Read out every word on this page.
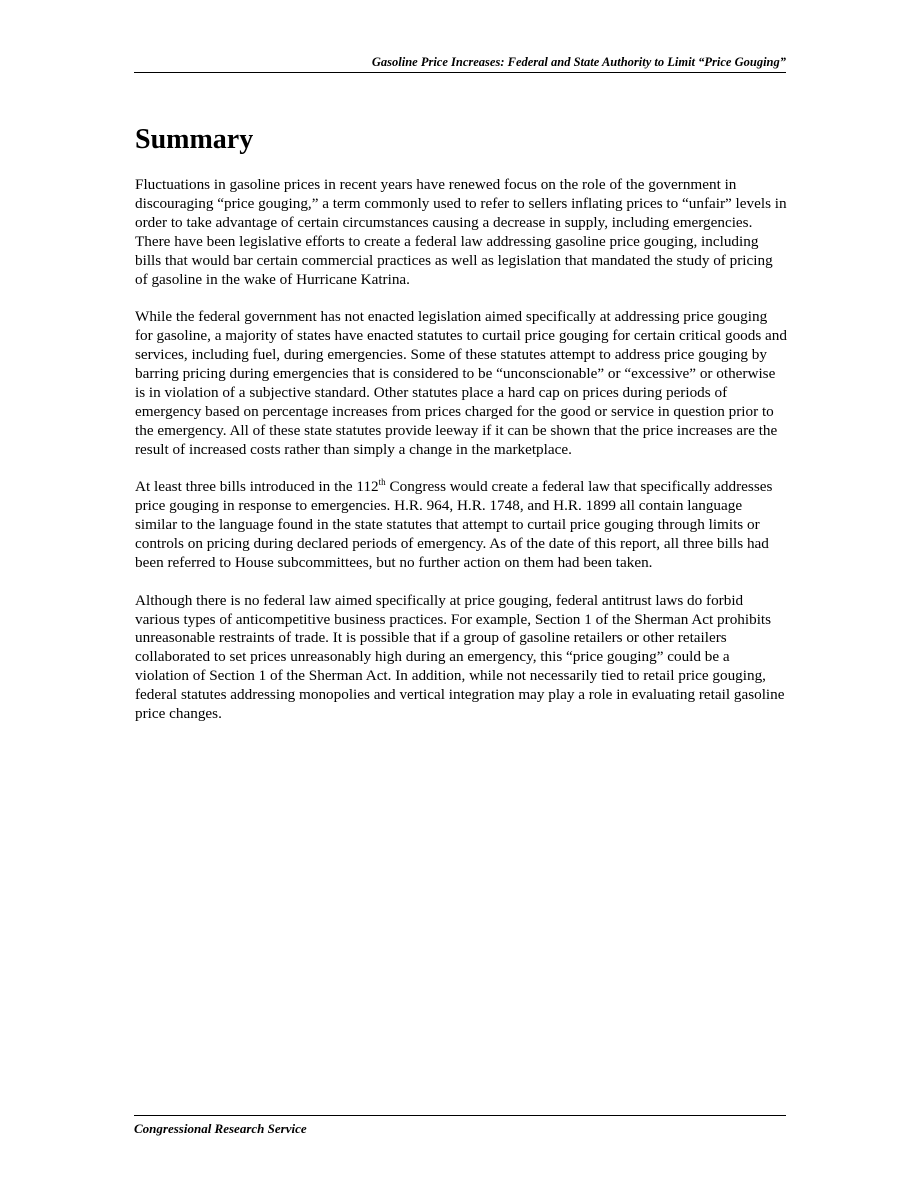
Gasoline Price Increases: Federal and State Authority to Limit “Price Gouging”
Summary

Fluctuations in gasoline prices in recent years have renewed focus on the role of the government in discouraging “price gouging,” a term commonly used to refer to sellers inflating prices to “unfair” levels in order to take advantage of certain circumstances causing a decrease in supply, including emergencies. There have been legislative efforts to create a federal law addressing gasoline price gouging, including bills that would bar certain commercial practices as well as legislation that mandated the study of pricing of gasoline in the wake of Hurricane Katrina.

While the federal government has not enacted legislation aimed specifically at addressing price gouging for gasoline, a majority of states have enacted statutes to curtail price gouging for certain critical goods and services, including fuel, during emergencies. Some of these statutes attempt to address price gouging by barring pricing during emergencies that is considered to be “unconscionable” or “excessive” or otherwise is in violation of a subjective standard. Other statutes place a hard cap on prices during periods of emergency based on percentage increases from prices charged for the good or service in question prior to the emergency. All of these state statutes provide leeway if it can be shown that the price increases are the result of increased costs rather than simply a change in the marketplace.

At least three bills introduced in the 112th Congress would create a federal law that specifically addresses price gouging in response to emergencies. H.R. 964, H.R. 1748, and H.R. 1899 all contain language similar to the language found in the state statutes that attempt to curtail price gouging through limits or controls on pricing during declared periods of emergency. As of the date of this report, all three bills had been referred to House subcommittees, but no further action on them had been taken.

Although there is no federal law aimed specifically at price gouging, federal antitrust laws do forbid various types of anticompetitive business practices. For example, Section 1 of the Sherman Act prohibits unreasonable restraints of trade. It is possible that if a group of gasoline retailers or other retailers collaborated to set prices unreasonably high during an emergency, this “price gouging” could be a violation of Section 1 of the Sherman Act. In addition, while not necessarily tied to retail price gouging, federal statutes addressing monopolies and vertical integration may play a role in evaluating retail gasoline price changes.

Congressional Research Service
